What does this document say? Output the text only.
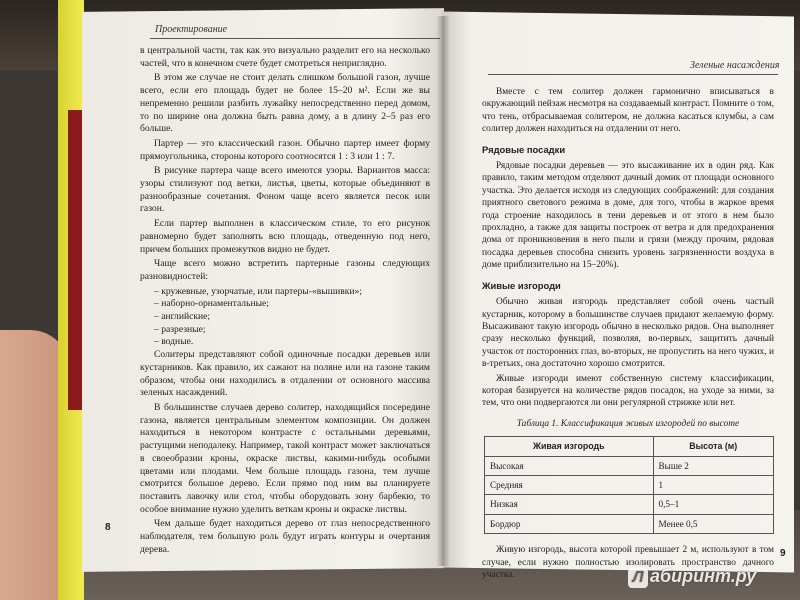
Проектирование
Зеленые насаждения

в центральной части, так как это визуально разделит его на несколько частей, что в конечном счете будет смотреться неприглядно.

В этом же случае не стоит делать слишком большой газон, лучше всего, если его площадь будет не более 15–20 м². Если же вы непременно решили разбить лужайку непосредственно перед домом, то по ширине она должна быть равна дому, а в длину 2–5 раз его больше.

Партер — это классический газон. Обычно партер имеет форму прямоугольника, стороны которого соотносятся 1 : 3 или 1 : 7.

В рисунке партера чаще всего имеются узоры. Вариантов масса: узоры стилизуют под ветки, листья, цветы, которые объединяют в разнообразные сочетания. Фоном чаще всего является песок или газон.

Если партер выполнен в классическом стиле, то его рисунок равномерно будет заполнять всю площадь, отведенную под него, причем больших промежутков видно не будет.

Чаще всего можно встретить партерные газоны следующих разновидностей:

– кружевные, узорчатые, или партеры-«вышивки»;

– наборно-орнаментальные;

– английские;

– разрезные;

– водные.

Солитеры представляют собой одиночные посадки деревьев или кустарников. Как правило, их сажают на поляне или на газоне таким образом, чтобы они находились в отдалении от основного массива зеленых насаждений.

В большинстве случаев дерево солитер, находящийся посередине газона, является центральным элементом композиции. Он должен находиться в некотором контрасте с остальными деревьями, растущими неподалеку. Например, такой контраст может заключаться в своеобразии кроны, окраске листвы, какими-нибудь особыми цветами или плодами. Чем больше площадь газона, тем лучше смотрится большое дерево. Если прямо под ним вы планируете поставить лавочку или стол, чтобы оборудовать зону барбекю, то особое внимание нужно уделить веткам кроны и окраске листвы.

Чем дальше будет находиться дерево от глаз непосредственного наблюдателя, тем большую роль будут играть контуры и очертания дерева.

8

Вместе с тем солитер должен гармонично вписываться в окружающий пейзаж несмотря на создаваемый контраст. Помните о том, что тень, отбрасываемая солитером, не должна касаться клумбы, а сам солитер должен находиться на отдалении от него.

Рядовые посадки

Рядовые посадки деревьев — это высаживание их в один ряд. Как правило, таким методом отделяют дачный домик от площади основного участка. Это делается исходя из следующих соображений: для создания приятного светового режима в доме, для того, чтобы в жаркое время года строение находилось в тени деревьев и от этого в нем было прохладно, а также для защиты построек от ветра и для предохранения дома от проникновения в него пыли и грязи (между прочим, рядовая посадка деревьев способна снизить уровень загрязненности воздуха в доме приблизительно на 15–20%).

Живые изгороди

Обычно живая изгородь представляет собой очень частый кустарник, которому в большинстве случаев придают желаемую форму. Высаживают такую изгородь обычно в несколько рядов. Она выполняет сразу несколько функций, позволяя, во-первых, защитить дачный участок от посторонних глаз, во-вторых, не пропустить на него чужих, и в-третьих, она достаточно хорошо смотрится.

Живые изгороди имеют собственную систему классификации, которая базируется на количестве рядов посадок, на уходе за ними, за тем, что они подвергаются ли они регулярной стрижке или нет.

Таблица 1. Классификация живых изгородей по высоте
Живая изгородь	Высота (м)
Высокая	Выше 2
Средняя	1
Низкая	0,5–1
Бордюр	Менее 0,5

Живую изгородь, высота которой превышает 2 м, используют в том случае, если нужно полностью изолировать пространство дачного участка.

9
Л абиринт.ру
